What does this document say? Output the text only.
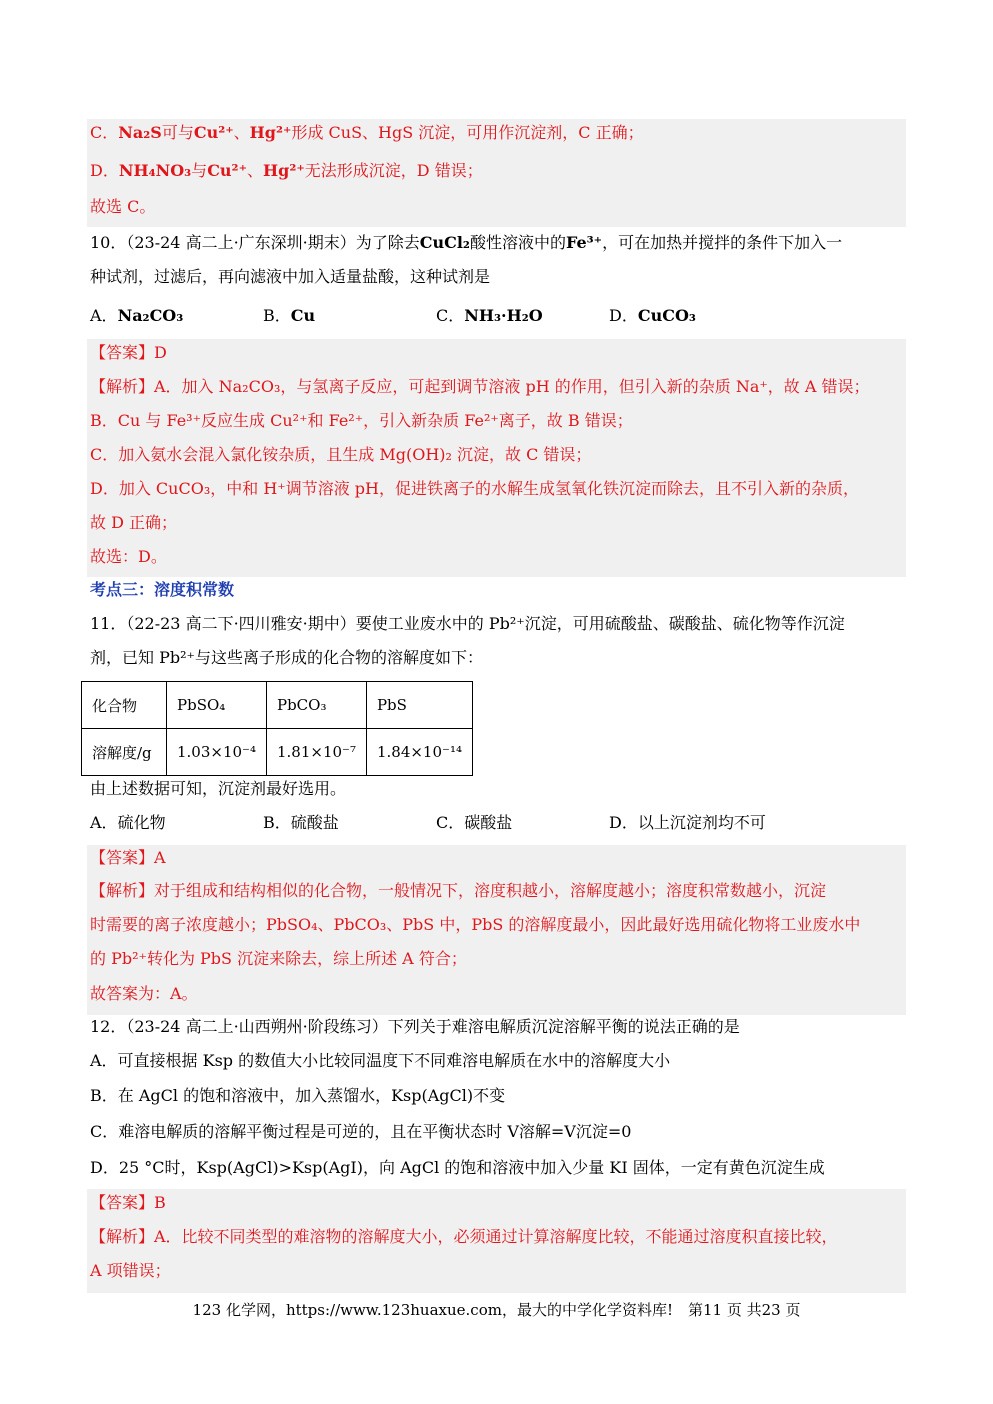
C．Na₂S可与Cu²⁺、Hg²⁺形成 CuS、HgS 沉淀，可用作沉淀剂，C 正确；
D．NH₄NO₃与Cu²⁺、Hg²⁺无法形成沉淀，D 错误；
故选 C。
10．（23-24 高二上·广东深圳·期末）为了除去CuCl₂酸性溶液中的Fe³⁺，可在加热并搅拌的条件下加入一
种试剂，过滤后，再向滤液中加入适量盐酸，这种试剂是
A．Na₂CO₃	B．Cu	C．NH₃·H₂O	D．CuCO₃
【答案】D
【解析】A．加入 Na₂CO₃，与氢离子反应，可起到调节溶液 pH 的作用，但引入新的杂质 Na⁺，故 A 错误；
B．Cu 与 Fe³⁺反应生成 Cu²⁺和 Fe²⁺，引入新杂质 Fe²⁺离子，故 B 错误；
C．加入氨水会混入氯化铵杂质，且生成 Mg(OH)₂ 沉淀，故 C 错误；
D．加入 CuCO₃，中和 H⁺调节溶液 pH，促进铁离子的水解生成氢氧化铁沉淀而除去，且不引入新的杂质，
故 D 正确；
故选：D。
考点三：溶度积常数
11．（22-23 高二下·四川雅安·期中）要使工业废水中的 Pb²⁺沉淀，可用硫酸盐、碳酸盐、硫化物等作沉淀
剂，已知 Pb²⁺与这些离子形成的化合物的溶解度如下：
化合物	PbSO₄	PbCO₃	PbS
溶解度/g	1.03×10⁻⁴	1.81×10⁻⁷	1.84×10⁻¹⁴
由上述数据可知，沉淀剂最好选用。
A．硫化物	B．硫酸盐	C．碳酸盐	D．以上沉淀剂均不可
【答案】A
【解析】对于组成和结构相似的化合物，一般情况下，溶度积越小，溶解度越小；溶度积常数越小，沉淀
时需要的离子浓度越小；PbSO₄、PbCO₃、PbS 中，PbS 的溶解度最小，因此最好选用硫化物将工业废水中
的 Pb²⁺转化为 PbS 沉淀来除去，综上所述 A 符合；
故答案为：A。
12．（23-24 高二上·山西朔州·阶段练习）下列关于难溶电解质沉淀溶解平衡的说法正确的是
A．可直接根据 Ksp 的数值大小比较同温度下不同难溶电解质在水中的溶解度大小
B．在 AgCl 的饱和溶液中，加入蒸馏水，Ksp(AgCl)不变
C．难溶电解质的溶解平衡过程是可逆的，且在平衡状态时 V溶解=V沉淀=0
D．25 °C时，Ksp(AgCl)>Ksp(AgI)，向 AgCl 的饱和溶液中加入少量 KI 固体，一定有黄色沉淀生成
【答案】B
【解析】A．比较不同类型的难溶物的溶解度大小，必须通过计算溶解度比较，不能通过溶度积直接比较，
A 项错误；
123 化学网，https://www.123huaxue.com，最大的中学化学资料库!　第11 页 共23 页
